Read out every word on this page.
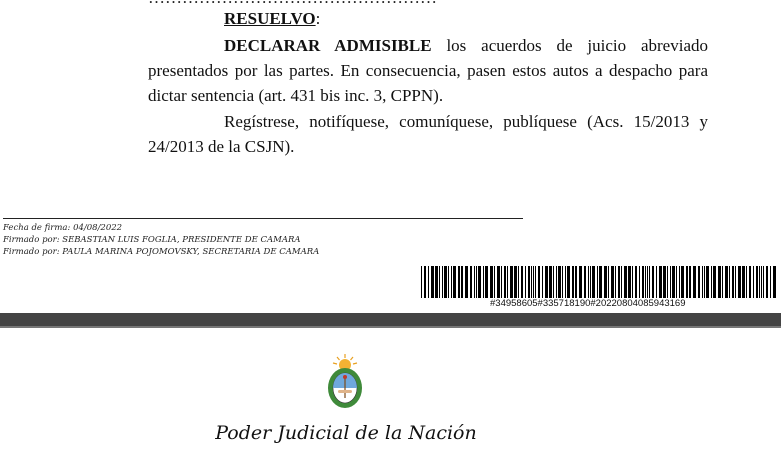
RESUELVO:
DECLARAR ADMISIBLE los acuerdos de juicio abreviado presentados por las partes. En consecuencia, pasen estos autos a despacho para dictar sentencia (art. 431 bis inc. 3, CPPN).
Regístrese, notifíquese, comuníquese, publíquese (Acs. 15/2013 y 24/2013 de la CSJN).
Fecha de firma: 04/08/2022
Firmado por: SEBASTIAN LUIS FOGLIA, PRESIDENTE DE CAMARA
Firmado por: PAULA MARINA POJOMOVSKY, SECRETARIA DE CAMARA
#34958605#335718190#20220804085943169
Poder Judicial de la Nación
